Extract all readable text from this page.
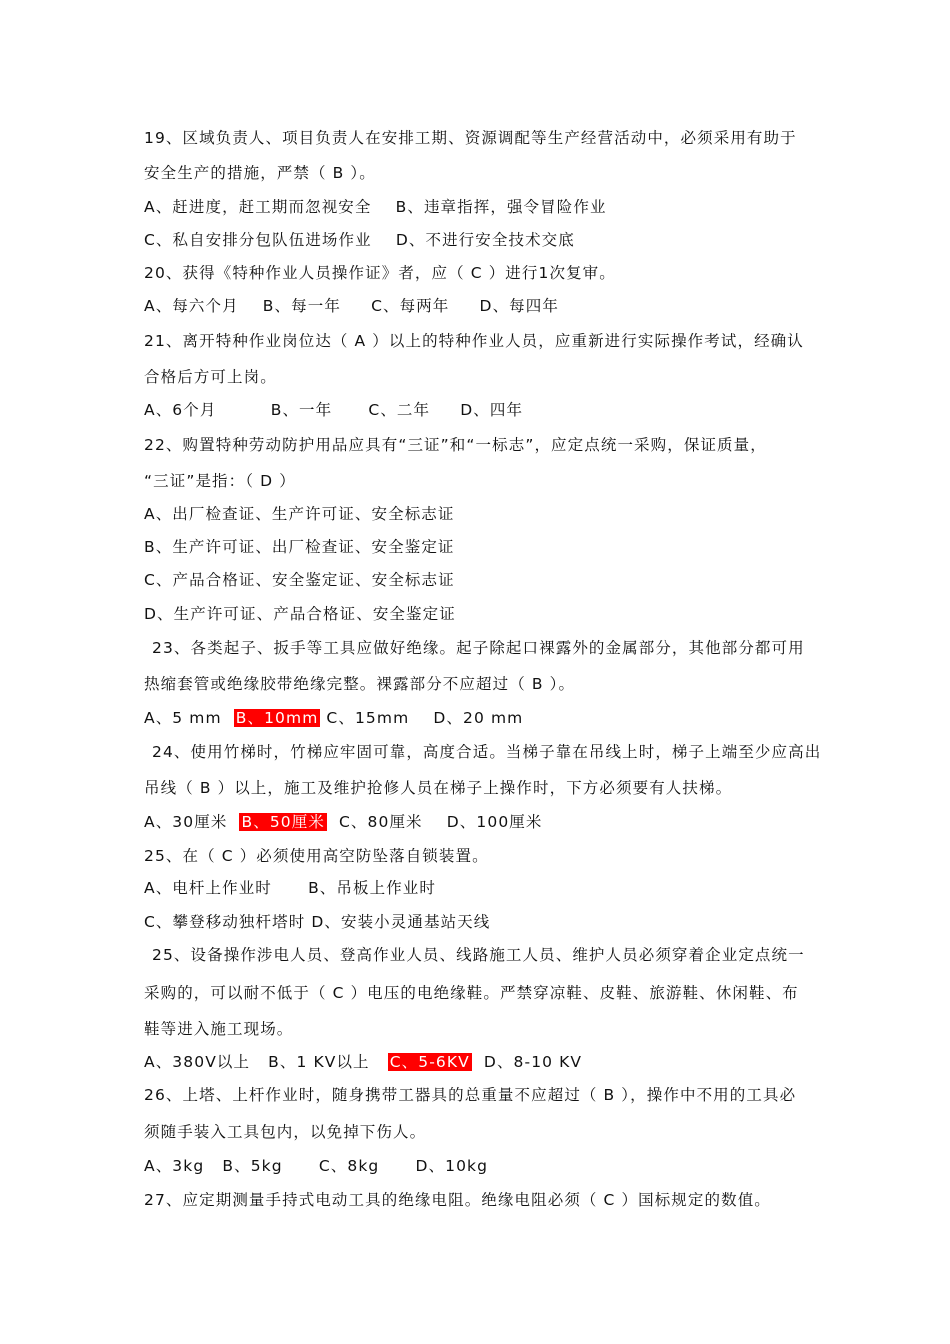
19、区域负责人、项目负责人在安排工期、资源调配等生产经营活动中，必须采用有助于
安全生产的措施，严禁（ B ）。
A、赶进度，赶工期而忽视安全    B、违章指挥，强令冒险作业
C、私自安排分包队伍进场作业    D、不进行安全技术交底
20、获得《特种作业人员操作证》者，应（ C ）进行1次复审。
A、每六个月    B、每一年     C、每两年     D、每四年
21、离开特种作业岗位达（ A ）以上的特种作业人员，应重新进行实际操作考试，经确认
合格后方可上岗。
A、6个月         B、一年      C、二年     D、四年
22、购置特种劳动防护用品应具有“三证”和“一标志”，应定点统一采购，保证质量，
“三证”是指：（ D ）
A、出厂检查证、生产许可证、安全标志证
B、生产许可证、出厂检查证、安全鉴定证
C、产品合格证、安全鉴定证、安全标志证
D、生产许可证、产品合格证、安全鉴定证
23、各类起子、扳手等工具应做好绝缘。起子除起口裸露外的金属部分，其他部分都可用
热缩套管或绝缘胶带绝缘完整。裸露部分不应超过（ B ）。
A、5 mm  B、10mm C、15mm    D、20 mm
24、使用竹梯时，竹梯应牢固可靠，高度合适。当梯子靠在吊线上时，梯子上端至少应高出
吊线（ B ）以上，施工及维护抢修人员在梯子上操作时，下方必须要有人扶梯。
A、30厘米  B、50厘米  C、80厘米    D、100厘米
25、在（ C ）必须使用高空防坠落自锁装置。
A、电杆上作业时      B、吊板上作业时
C、攀登移动独杆塔时 D、安装小灵通基站天线
25、设备操作涉电人员、登高作业人员、线路施工人员、维护人员必须穿着企业定点统一
采购的，可以耐不低于（ C ）电压的电绝缘鞋。严禁穿凉鞋、皮鞋、旅游鞋、休闲鞋、布
鞋等进入施工现场。
A、380V以上   B、1 KV以上   C、5-6KV  D、8-10 KV
26、上塔、上杆作业时，随身携带工器具的总重量不应超过（ B ），操作中不用的工具必
须随手装入工具包内，以免掉下伤人。
A、3kg   B、5kg      C、8kg      D、10kg
27、应定期测量手持式电动工具的绝缘电阻。绝缘电阻必须（ C ）国标规定的数值。
